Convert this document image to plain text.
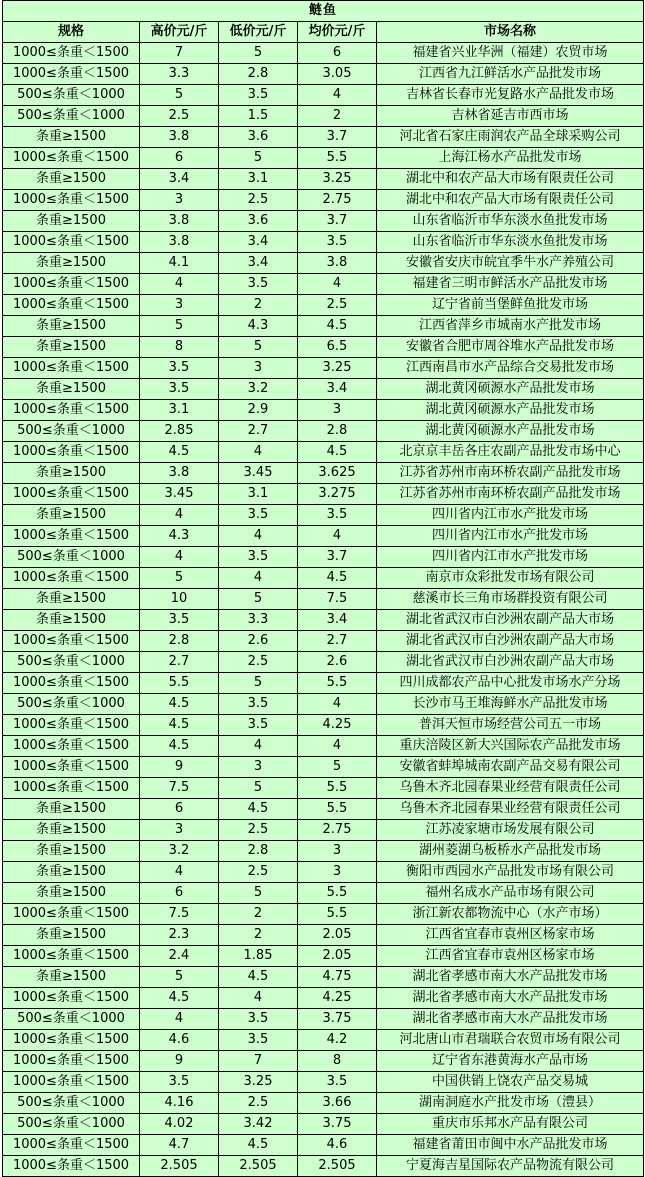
鲢鱼				
规格	高价元/斤	低价元/斤	均价元/斤	市场名称
1000≤条重＜1500	7	5	6	福建省兴业华洲（福建）农贸市场
1000≤条重＜1500	3.3	2.8	3.05	江西省九江鲜活水产品批发市场
500≤条重＜1000	5	3.5	4	吉林省长春市光复路水产品批发市场
500≤条重＜1000	2.5	1.5	2	吉林省延吉市西市场
条重≥1500	3.8	3.6	3.7	河北省石家庄雨润农产品全球采购公司
1000≤条重＜1500	6	5	5.5	上海江杨水产品批发市场
条重≥1500	3.4	3.1	3.25	湖北中和农产品大市场有限责任公司
1000≤条重＜1500	3	2.5	2.75	湖北中和农产品大市场有限责任公司
条重≥1500	3.8	3.6	3.7	山东省临沂市华东淡水鱼批发市场
1000≤条重＜1500	3.8	3.4	3.5	山东省临沂市华东淡水鱼批发市场
条重≥1500	4.1	3.4	3.8	安徽省安庆市皖宜季牛水产养殖公司
1000≤条重＜1500	4	3.5	4	福建省三明市鲜活水产品批发市场
1000≤条重＜1500	3	2	2.5	辽宁省前当堡鲜鱼批发市场
条重≥1500	5	4.3	4.5	江西省萍乡市城南水产批发市场
条重≥1500	8	5	6.5	安徽省合肥市周谷堆水产品批发市场
1000≤条重＜1500	3.5	3	3.25	江西南昌市水产品综合交易批发市场
条重≥1500	3.5	3.2	3.4	湖北黄冈硕源水产品批发市场
1000≤条重＜1500	3.1	2.9	3	湖北黄冈硕源水产品批发市场
500≤条重＜1000	2.85	2.7	2.8	湖北黄冈硕源水产品批发市场
1000≤条重＜1500	4.5	4	4.5	北京京丰岳各庄农副产品批发市场中心
条重≥1500	3.8	3.45	3.625	江苏省苏州市南环桥农副产品批发市场
1000≤条重＜1500	3.45	3.1	3.275	江苏省苏州市南环桥农副产品批发市场
条重≥1500	4	3.5	3.5	四川省内江市水产批发市场
1000≤条重＜1500	4.3	4	4	四川省内江市水产批发市场
500≤条重＜1000	4	3.5	3.7	四川省内江市水产批发市场
1000≤条重＜1500	5	4	4.5	南京市众彩批发市场有限公司
条重≥1500	10	5	7.5	慈溪市长三角市场群投资有限公司
条重≥1500	3.5	3.3	3.4	湖北省武汉市白沙洲农副产品大市场
1000≤条重＜1500	2.8	2.6	2.7	湖北省武汉市白沙洲农副产品大市场
500≤条重＜1000	2.7	2.5	2.6	湖北省武汉市白沙洲农副产品大市场
1000≤条重＜1500	5.5	5	5.5	四川成都农产品中心批发市场水产分场
500≤条重＜1000	4.5	3.5	4	长沙市马王堆海鲜水产品批发市场
1000≤条重＜1500	4.5	3.5	4.25	普洱天恒市场经营公司五一市场
1000≤条重＜1500	4.5	4	4	重庆涪陵区新大兴国际农产品批发市场
1000≤条重＜1500	9	3	5	安徽省蚌埠城南农副产品交易有限公司
1000≤条重＜1500	7.5	5	5.5	乌鲁木齐北园春果业经营有限责任公司
条重≥1500	6	4.5	5.5	乌鲁木齐北园春果业经营有限责任公司
条重≥1500	3	2.5	2.75	江苏凌家塘市场发展有限公司
条重≥1500	3.2	2.8	3	湖州菱湖乌板桥水产品批发市场
条重≥1500	4	2.5	3	衡阳市西园水产品批发市场有限公司
条重≥1500	6	5	5.5	福州名成水产品市场有限公司
1000≤条重＜1500	7.5	2	5.5	浙江新农都物流中心（水产市场）
条重≥1500	2.3	2	2.05	江西省宜春市袁州区杨家市场
1000≤条重＜1500	2.4	1.85	2.05	江西省宜春市袁州区杨家市场
条重≥1500	5	4.5	4.75	湖北省孝感市南大水产品批发市场
1000≤条重＜1500	4.5	4	4.25	湖北省孝感市南大水产品批发市场
500≤条重＜1000	4	3.5	3.75	湖北省孝感市南大水产品批发市场
1000≤条重＜1500	4.6	3.5	4.2	河北唐山市君瑞联合农贸市场有限公司
1000≤条重＜1500	9	7	8	辽宁省东港黄海水产品市场
1000≤条重＜1500	3.5	3.25	3.5	中国供销上饶农产品交易城
500≤条重＜1000	4.16	2.5	3.66	湖南洞庭水产批发市场（澧县）
500≤条重＜1000	4.02	3.42	3.75	重庆市乐邦水产品有限公司
1000≤条重＜1500	4.7	4.5	4.6	福建省莆田市闽中水产品批发市场
1000≤条重＜1500	2.505	2.505	2.505	宁夏海吉星国际农产品物流有限公司
